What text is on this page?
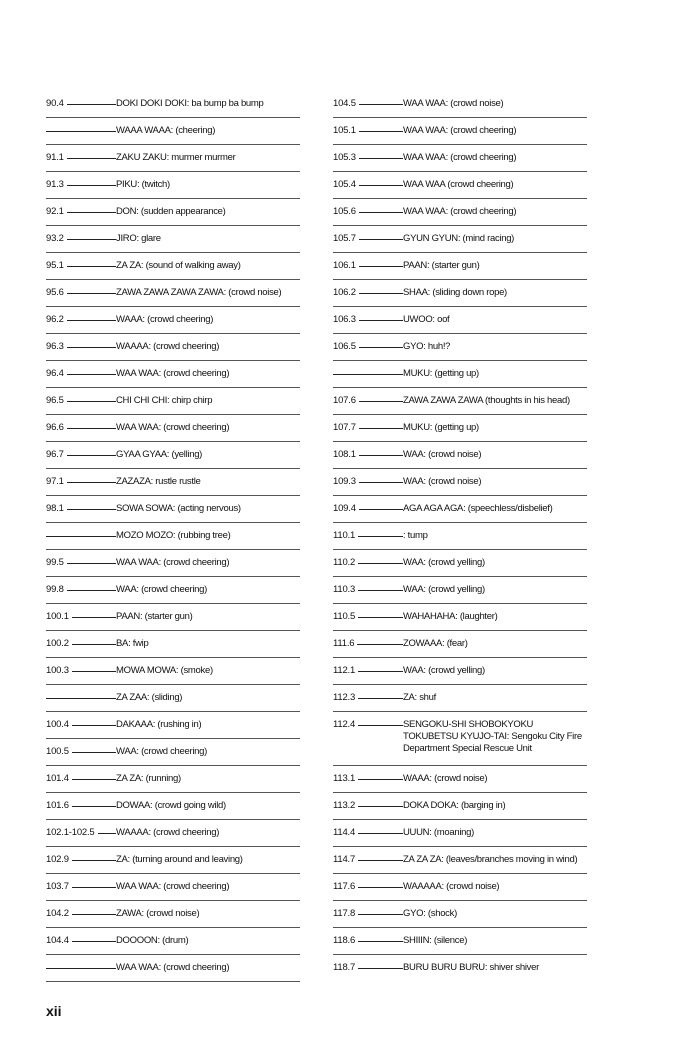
90.4	DOKI DOKI DOKI: ba bump ba bump
WAAA WAAA: (cheering)
91.1	ZAKU ZAKU: murmer murmer
91.3	PIKU: (twitch)
92.1	DON: (sudden appearance)
93.2	JIRO: glare
95.1	ZA ZA: (sound of walking away)
95.6	ZAWA ZAWA ZAWA ZAWA: (crowd noise)
96.2	WAAA: (crowd cheering)
96.3	WAAAA: (crowd cheering)
96.4	WAA WAA: (crowd cheering)
96.5	CHI CHI CHI: chirp chirp
96.6	WAA WAA: (crowd cheering)
96.7	GYAA GYAA: (yelling)
97.1	ZAZAZA: rustle rustle
98.1	SOWA SOWA: (acting nervous)
MOZO MOZO: (rubbing tree)
99.5	WAA WAA: (crowd cheering)
99.8	WAA: (crowd cheering)
100.1	PAAN: (starter gun)
100.2	BA: fwip
100.3	MOWA MOWA: (smoke)
ZA ZAA: (sliding)
100.4	DAKAAA: (rushing in)
100.5	WAA: (crowd cheering)
101.4	ZA ZA: (running)
101.6	DOWAA: (crowd going wild)
102.1-102.5 WAAAA: (crowd cheering)
102.9	ZA: (turning around and leaving)
103.7	WAA WAA: (crowd cheering)
104.2	ZAWA: (crowd noise)
104.4	DOOOON: (drum)
WAA WAA: (crowd cheering)
104.5	WAA WAA: (crowd noise)
105.1	WAA WAA: (crowd cheering)
105.3	WAA WAA: (crowd cheering)
105.4	WAA WAA (crowd cheering)
105.6	WAA WAA: (crowd cheering)
105.7	GYUN GYUN: (mind racing)
106.1	PAAN: (starter gun)
106.2	SHAA: (sliding down rope)
106.3	UWOO: oof
106.5	GYO: huh!?
MUKU: (getting up)
107.6	ZAWA ZAWA ZAWA (thoughts in his head)
107.7	MUKU: (getting up)
108.1	WAA: (crowd noise)
109.3	WAA: (crowd noise)
109.4	AGA AGA AGA: (speechless/disbelief)
110.1	: tump
110.2	WAA: (crowd yelling)
110.3	WAA: (crowd yelling)
110.5	WAHAHAHA: (laughter)
111.6	ZOWAAA: (fear)
112.1	WAA: (crowd yelling)
112.3	ZA: shuf
112.4	SENGOKU-SHI SHOBOKYOKU TOKUBETSU KYUJO-TAI: Sengoku City Fire Department Special Rescue Unit
113.1	WAAA: (crowd noise)
113.2	DOKA DOKA: (barging in)
114.4	UUUN: (moaning)
114.7	ZA ZA ZA: (leaves/branches moving in wind)
117.6	WAAAAA: (crowd noise)
117.8	GYO: (shock)
118.6	SHIIIN: (silence)
118.7	BURU BURU BURU: shiver shiver
xii
